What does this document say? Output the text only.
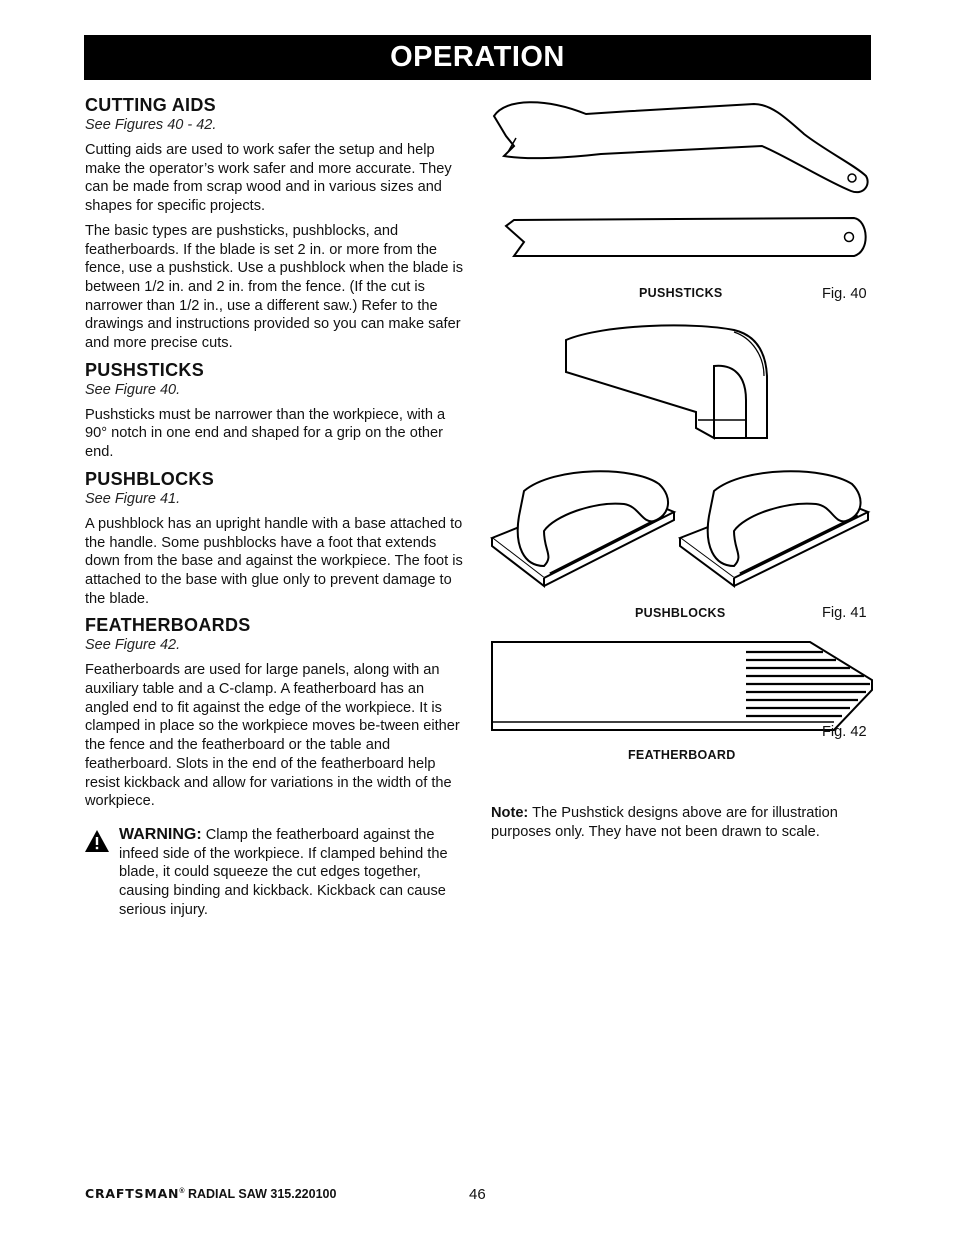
OPERATION
CUTTING AIDS

See Figures 40 - 42.

Cutting aids are used to work safer the setup and help make the operator’s work safer and more accurate. They can be made from scrap wood and in various sizes and shapes for specific projects.

The basic types are pushsticks, pushblocks, and featherboards. If the blade is set 2 in. or more from the fence, use a pushstick. Use a pushblock when the blade is between 1/2 in. and 2 in. from the fence. (If the cut is narrower than 1/2 in., use a different saw.) Refer to the drawings and instructions provided so you can make safer and more precise cuts.

PUSHSTICKS

See Figure 40.

Pushsticks must be narrower than the workpiece, with a 90° notch in one end and shaped for a grip on the other end.

PUSHBLOCKS

See Figure 41.

A pushblock has an upright handle with a base attached to the handle. Some pushblocks have a foot that extends down from the base and against the workpiece. The foot is attached to the base with glue only to prevent damage to the blade.

FEATHERBOARDS

See Figure 42.

Featherboards are used for large panels, along with an auxiliary table and a C-clamp. A featherboard has an angled end to fit against the edge of the workpiece. It is clamped in place so the workpiece moves be-tween either the fence and the featherboard or the table and featherboard. Slots in the end of the featherboard help resist kickback and allow for variations in the width of the workpiece.

WARNING: Clamp the featherboard against the infeed side of the workpiece. If clamped behind the blade, it could squeeze the cut edges together, causing binding and kickback. Kickback can cause serious injury.
PUSHSTICKS	Fig. 40
PUSHBLOCKS	Fig. 41
FEATHERBOARD
Fig. 42
Note: The Pushstick designs above are for illustration purposes only. They have not been drawn to scale.
CRAFTSMAN® RADIAL SAW 315.220100	46
